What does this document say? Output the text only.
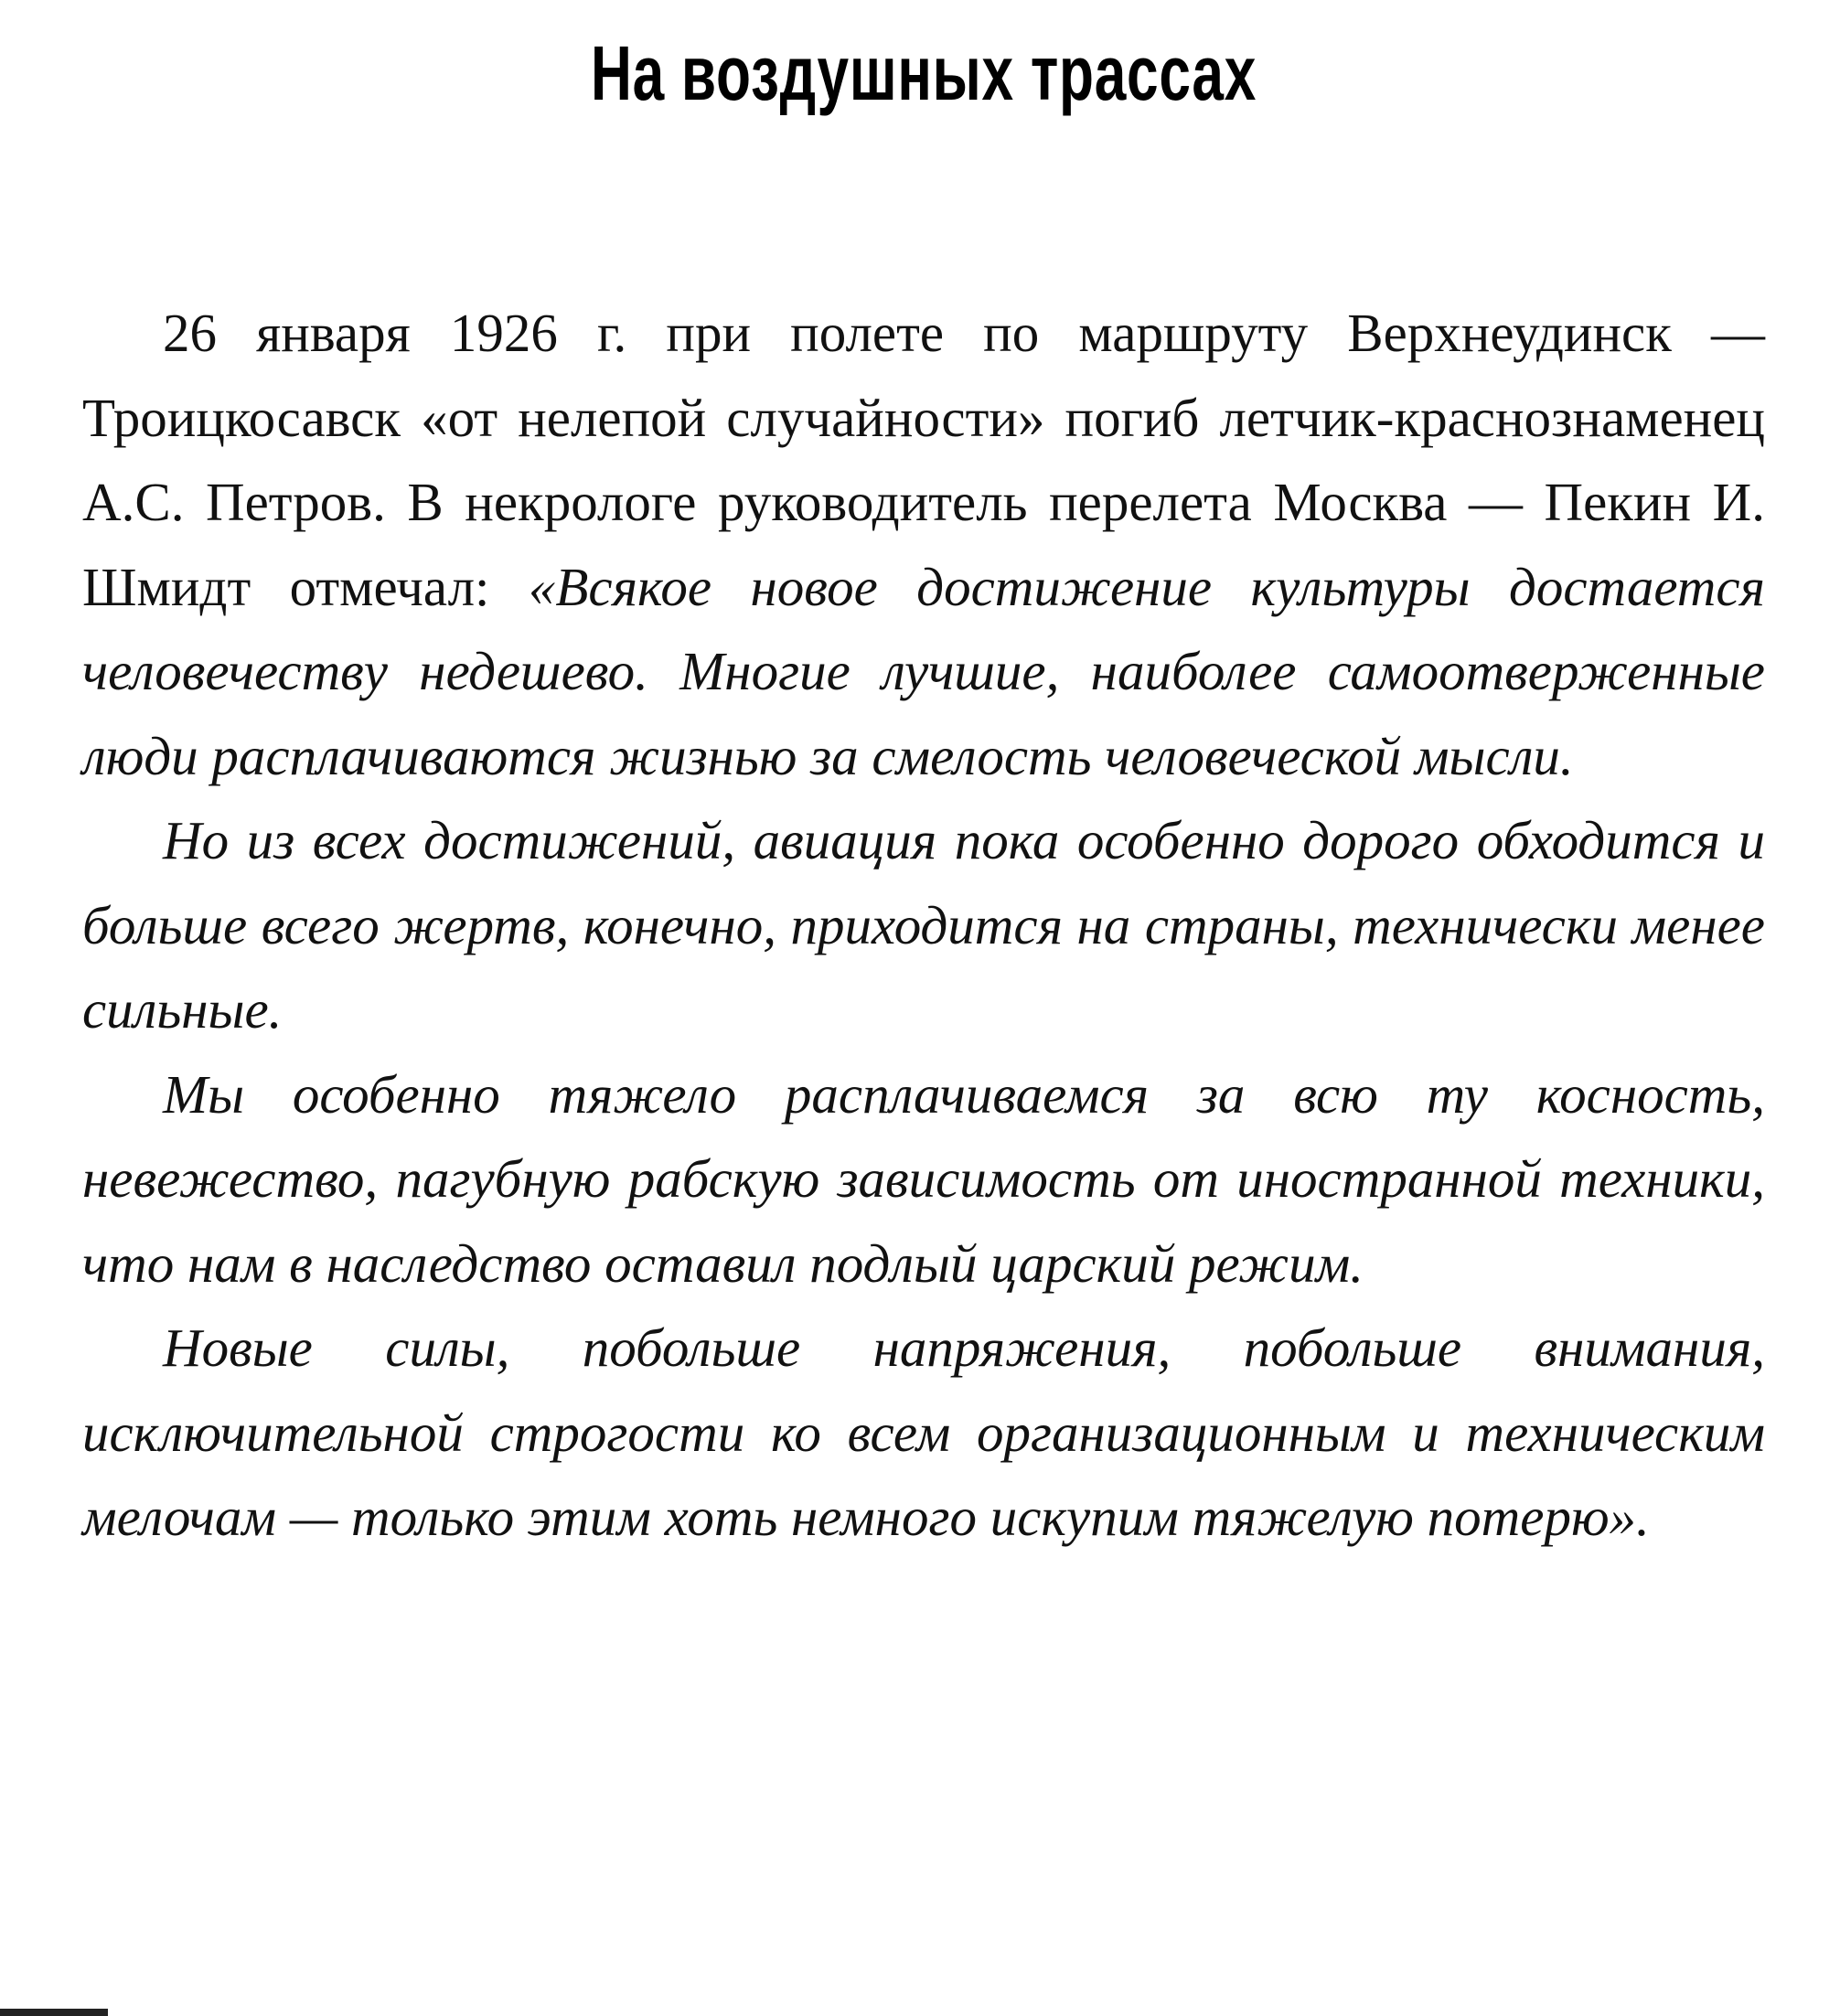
На воздушных трассах

26 января 1926 г. при полете по маршруту Верхнеудинск — Троицкосавск «от нелепой случайности» погиб летчик-краснознаменец А.С. Петров. В некрологе руководитель перелета Москва — Пекин И. Шмидт отмечал: «Всякое новое достижение культуры достается человечеству недешево. Многие лучшие, наиболее самоотверженные люди расплачиваются жизнью за смелость человеческой мысли.

Но из всех достижений, авиация пока особенно дорого обходится и больше всего жертв, конечно, приходится на страны, технически менее сильные.

Мы особенно тяжело расплачиваемся за всю ту косность, невежество, пагубную рабскую зависимость от иностранной техники, что нам в наследство оставил подлый царский режим.

Новые силы, побольше напряжения, побольше внимания, исключительной строгости ко всем организационным и техническим мелочам — только этим хоть немного искупим тяжелую потерю».
